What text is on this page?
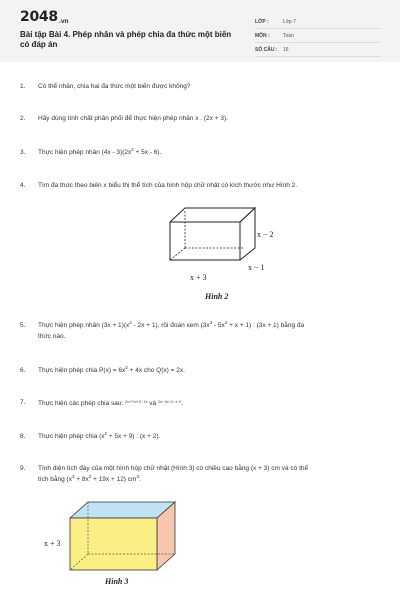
2048.vn
Bài tập Bài 4. Phép nhân và phép chia đa thức một biến có đáp án
LỚP :	Lớp 7
MÔN :	Toán
SỐ CÂU :	16
1.	Có thể nhân, chia hai đa thức một biến được không?
2.	Hãy dùng tính chất phân phối để thực hiện phép nhân x . (2x + 3).
3.	Thực hiện phép nhân $(4x - 3)(2x^2 + 5x - 6)$.
4.	Tìm đa thức theo biến x biểu thị thể tích của hình hộp chữ nhật có kích thước như Hình 2.
x − 2
x − 1
x + 3
Hình 2
5.	Thực hiện phép nhân $(3x + 1)(x^2 - 2x + 1)$, rồi đoán xem $(3x^3 - 5x^2 + x + 1)$ : (3x + 1) bằng đa
thức nào.
6.	Thực hiện phép chia $P(x) = 6x^2 + 4x$ cho Q(x) = 2x.
7.	Thực hiện các phép chia sau: $^{2x^3+7x^2+3 / 2x}$ và $^{2x^3-3x-2 / x-2}$.
8.	Thực hiện phép chia $(x^2 + 5x + 9)$ : (x + 2).
9.	Tính diện tích đáy của một hình hộp chữ nhật (Hình 3) có chiều cao bằng (x + 3) cm và có thể
tích bằng $(x^3 + 8x^2 + 19x + 12)$ $cm^3$.
x + 3
Hình 3
